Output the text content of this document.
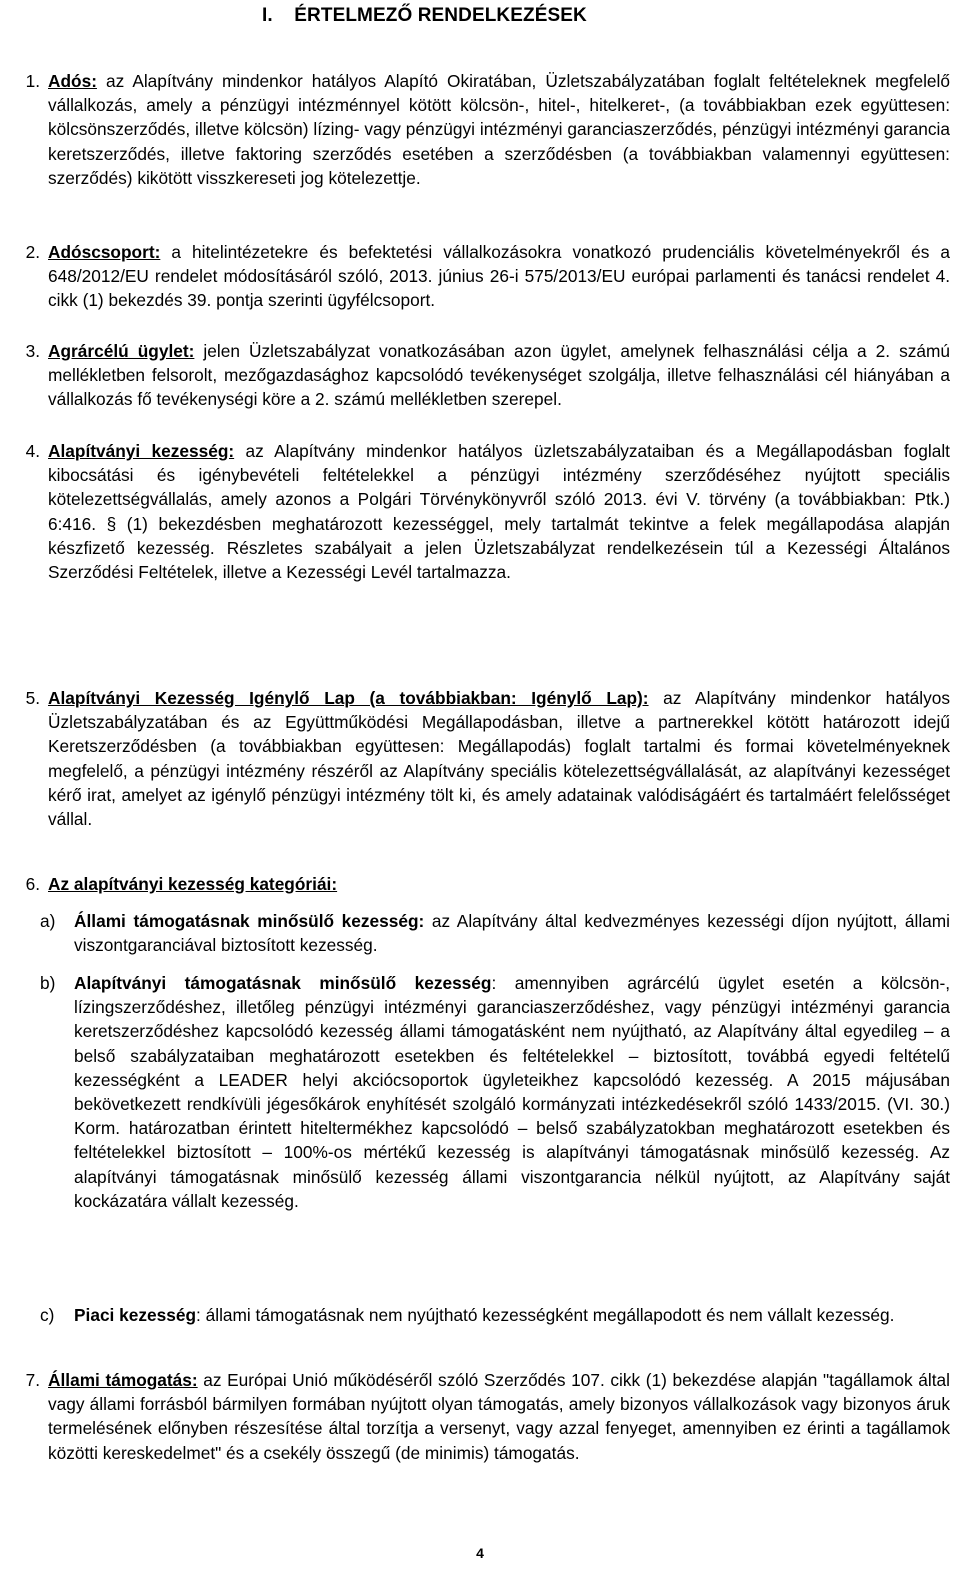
I.    ÉRTELMEZŐ RENDELKEZÉSEK
1. Adós: az Alapítvány mindenkor hatályos Alapító Okiratában, Üzletszabályzatában foglalt feltételeknek megfelelő vállalkozás, amely a pénzügyi intézménnyel kötött kölcsön-, hitel-, hitelkeret-, (a továbbiakban ezek együttesen: kölcsönszerződés, illetve kölcsön) lízing- vagy pénzügyi intézményi garanciaszerződés, pénzügyi intézményi garancia keretszerződés, illetve faktoring szerződés esetében a szerződésben (a továbbiakban valamennyi együttesen: szerződés) kikötött visszkereseti jog kötelezettje.
2. Adóscsoport: a hitelintézetekre és befektetési vállalkozásokra vonatkozó prudenciális követelményekről és a 648/2012/EU rendelet módosításáról szóló, 2013. június 26-i 575/2013/EU európai parlamenti és tanácsi rendelet 4. cikk (1) bekezdés 39. pontja szerinti ügyfélcsoport.
3. Agrárcélú ügylet: jelen Üzletszabályzat vonatkozásában azon ügylet, amelynek felhasználási célja a 2. számú mellékletben felsorolt, mezőgazdasághoz kapcsolódó tevékenységet szolgálja, illetve felhasználási cél hiányában a vállalkozás fő tevékenységi köre a 2. számú mellékletben szerepel.
4. Alapítványi kezesség: az Alapítvány mindenkor hatályos üzletszabályzataiban és a Megállapodásban foglalt kibocsátási és igénybevételi feltételekkel a pénzügyi intézmény szerződéséhez nyújtott speciális kötelezettségvállalás, amely azonos a Polgári Törvénykönyvről szóló 2013. évi V. törvény (a továbbiakban: Ptk.) 6:416. § (1) bekezdésben meghatározott kezességgel, mely tartalmát tekintve a felek megállapodása alapján készfizető kezesség. Részletes szabályait a jelen Üzletszabályzat rendelkezésein túl a Kezességi Általános Szerződési Feltételek, illetve a Kezességi Levél tartalmazza.
5. Alapítványi Kezesség Igénylő Lap (a továbbiakban: Igénylő Lap): az Alapítvány mindenkor hatályos Üzletszabályzatában és az Együttműködési Megállapodásban, illetve a partnerekkel kötött határozott idejű Keretszerződésben (a továbbiakban együttesen: Megállapodás) foglalt tartalmi és formai követelményeknek megfelelő, a pénzügyi intézmény részéről az Alapítvány speciális kötelezettségvállalását, az alapítványi kezességet kérő irat, amelyet az igénylő pénzügyi intézmény tölt ki, és amely adatainak valódiságáért és tartalmáért felelősséget vállal.
6. Az alapítványi kezesség kategóriái:
a)	Állami támogatásnak minősülő kezesség: az Alapítvány által kedvezményes kezességi díjon nyújtott, állami viszontgaranciával biztosított kezesség.
b)	Alapítványi támogatásnak minősülő kezesség: amennyiben agrárcélú ügylet esetén a kölcsön-, lízingszerződéshez, illetőleg pénzügyi intézményi garanciaszerződéshez, vagy pénzügyi intézményi garancia keretszerződéshez kapcsolódó kezesség állami támogatásként nem nyújtható, az Alapítvány által egyedileg – a belső szabályzataiban meghatározott esetekben és feltételekkel – biztosított, továbbá egyedi feltételű kezességként a LEADER helyi akciócsoportok ügyleteikhez kapcsolódó kezesség. A 2015 májusában bekövetkezett rendkívüli jégesőkárok enyhítését szolgáló kormányzati intézkedésekről szóló 1433/2015. (VI. 30.) Korm. határozatban érintett hiteltermékhez kapcsolódó – belső szabályzatokban meghatározott esetekben és feltételekkel biztosított – 100%-os mértékű kezesség is alapítványi támogatásnak minősülő kezesség. Az alapítványi támogatásnak minősülő kezesség állami viszontgarancia nélkül nyújtott, az Alapítvány saját kockázatára vállalt kezesség.
c)	Piaci kezesség: állami támogatásnak nem nyújtható kezességként megállapodott és nem vállalt kezesség.
7. Állami támogatás: az Európai Unió működéséről szóló Szerződés 107. cikk (1) bekezdése alapján "tagállamok által vagy állami forrásból bármilyen formában nyújtott olyan támogatás, amely bizonyos vállalkozások vagy bizonyos áruk termelésének előnyben részesítése által torzítja a versenyt, vagy azzal fenyeget, amennyiben ez érinti a tagállamok közötti kereskedelmet" és a csekély összegű (de minimis) támogatás.
4
